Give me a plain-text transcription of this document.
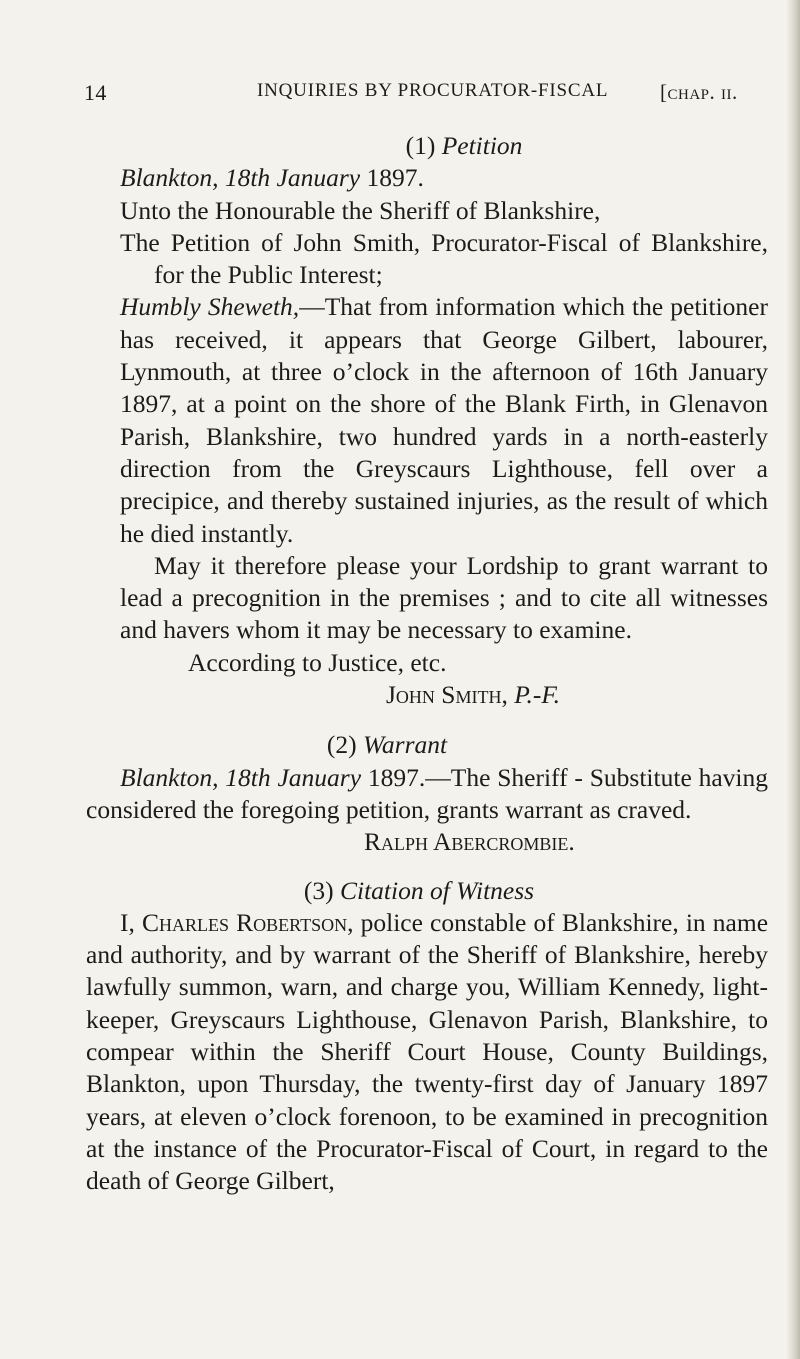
14	INQUIRIES BY PROCURATOR-FISCAL [chap. ii.

(1) Petition

Blankton, 18th January 1897.

Unto the Honourable the Sheriff of Blankshire,

The Petition of John Smith, Procurator-Fiscal of Blankshire, for the Public Interest;

Humbly Sheweth,—That from information which the petitioner has received, it appears that George Gilbert, labourer, Lynmouth, at three o’clock in the afternoon of 16th January 1897, at a point on the shore of the Blank Firth, in Glenavon Parish, Blankshire, two hundred yards in a north-easterly direction from the Greyscaurs Lighthouse, fell over a precipice, and thereby sustained injuries, as the result of which he died instantly.

May it therefore please your Lordship to grant warrant to lead a precognition in the premises ; and to cite all witnesses and havers whom it may be necessary to examine.

According to Justice, etc.

John Smith, P.-F.

(2) Warrant

Blankton, 18th January 1897.—The Sheriff - Substitute having considered the foregoing petition, grants warrant as craved.

Ralph Abercrombie.

(3) Citation of Witness

I, Charles Robertson, police constable of Blankshire, in name and authority, and by warrant of the Sheriff of Blankshire, hereby lawfully summon, warn, and charge you, William Kennedy, light-keeper, Greyscaurs Lighthouse, Glenavon Parish, Blankshire, to compear within the Sheriff Court House, County Buildings, Blankton, upon Thursday, the twenty-first day of January 1897 years, at eleven o’clock forenoon, to be examined in precognition at the instance of the Procurator-Fiscal of Court, in regard to the death of George Gilbert,
